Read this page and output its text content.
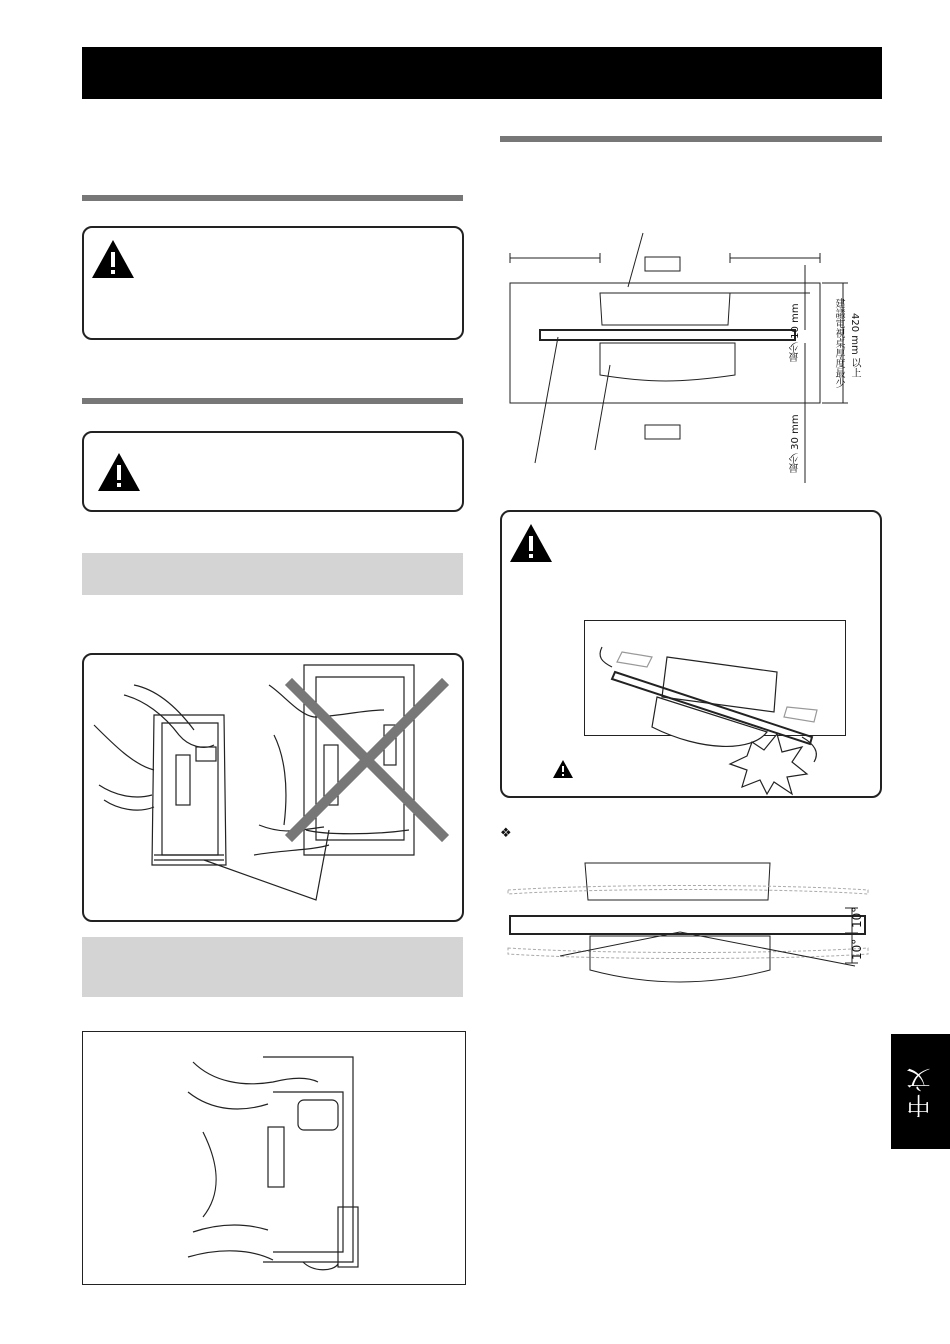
最少 10 mm
最少 30 mm
建議電視桌厚度最少 420 mm 以上
❖
10°
10°
中文
